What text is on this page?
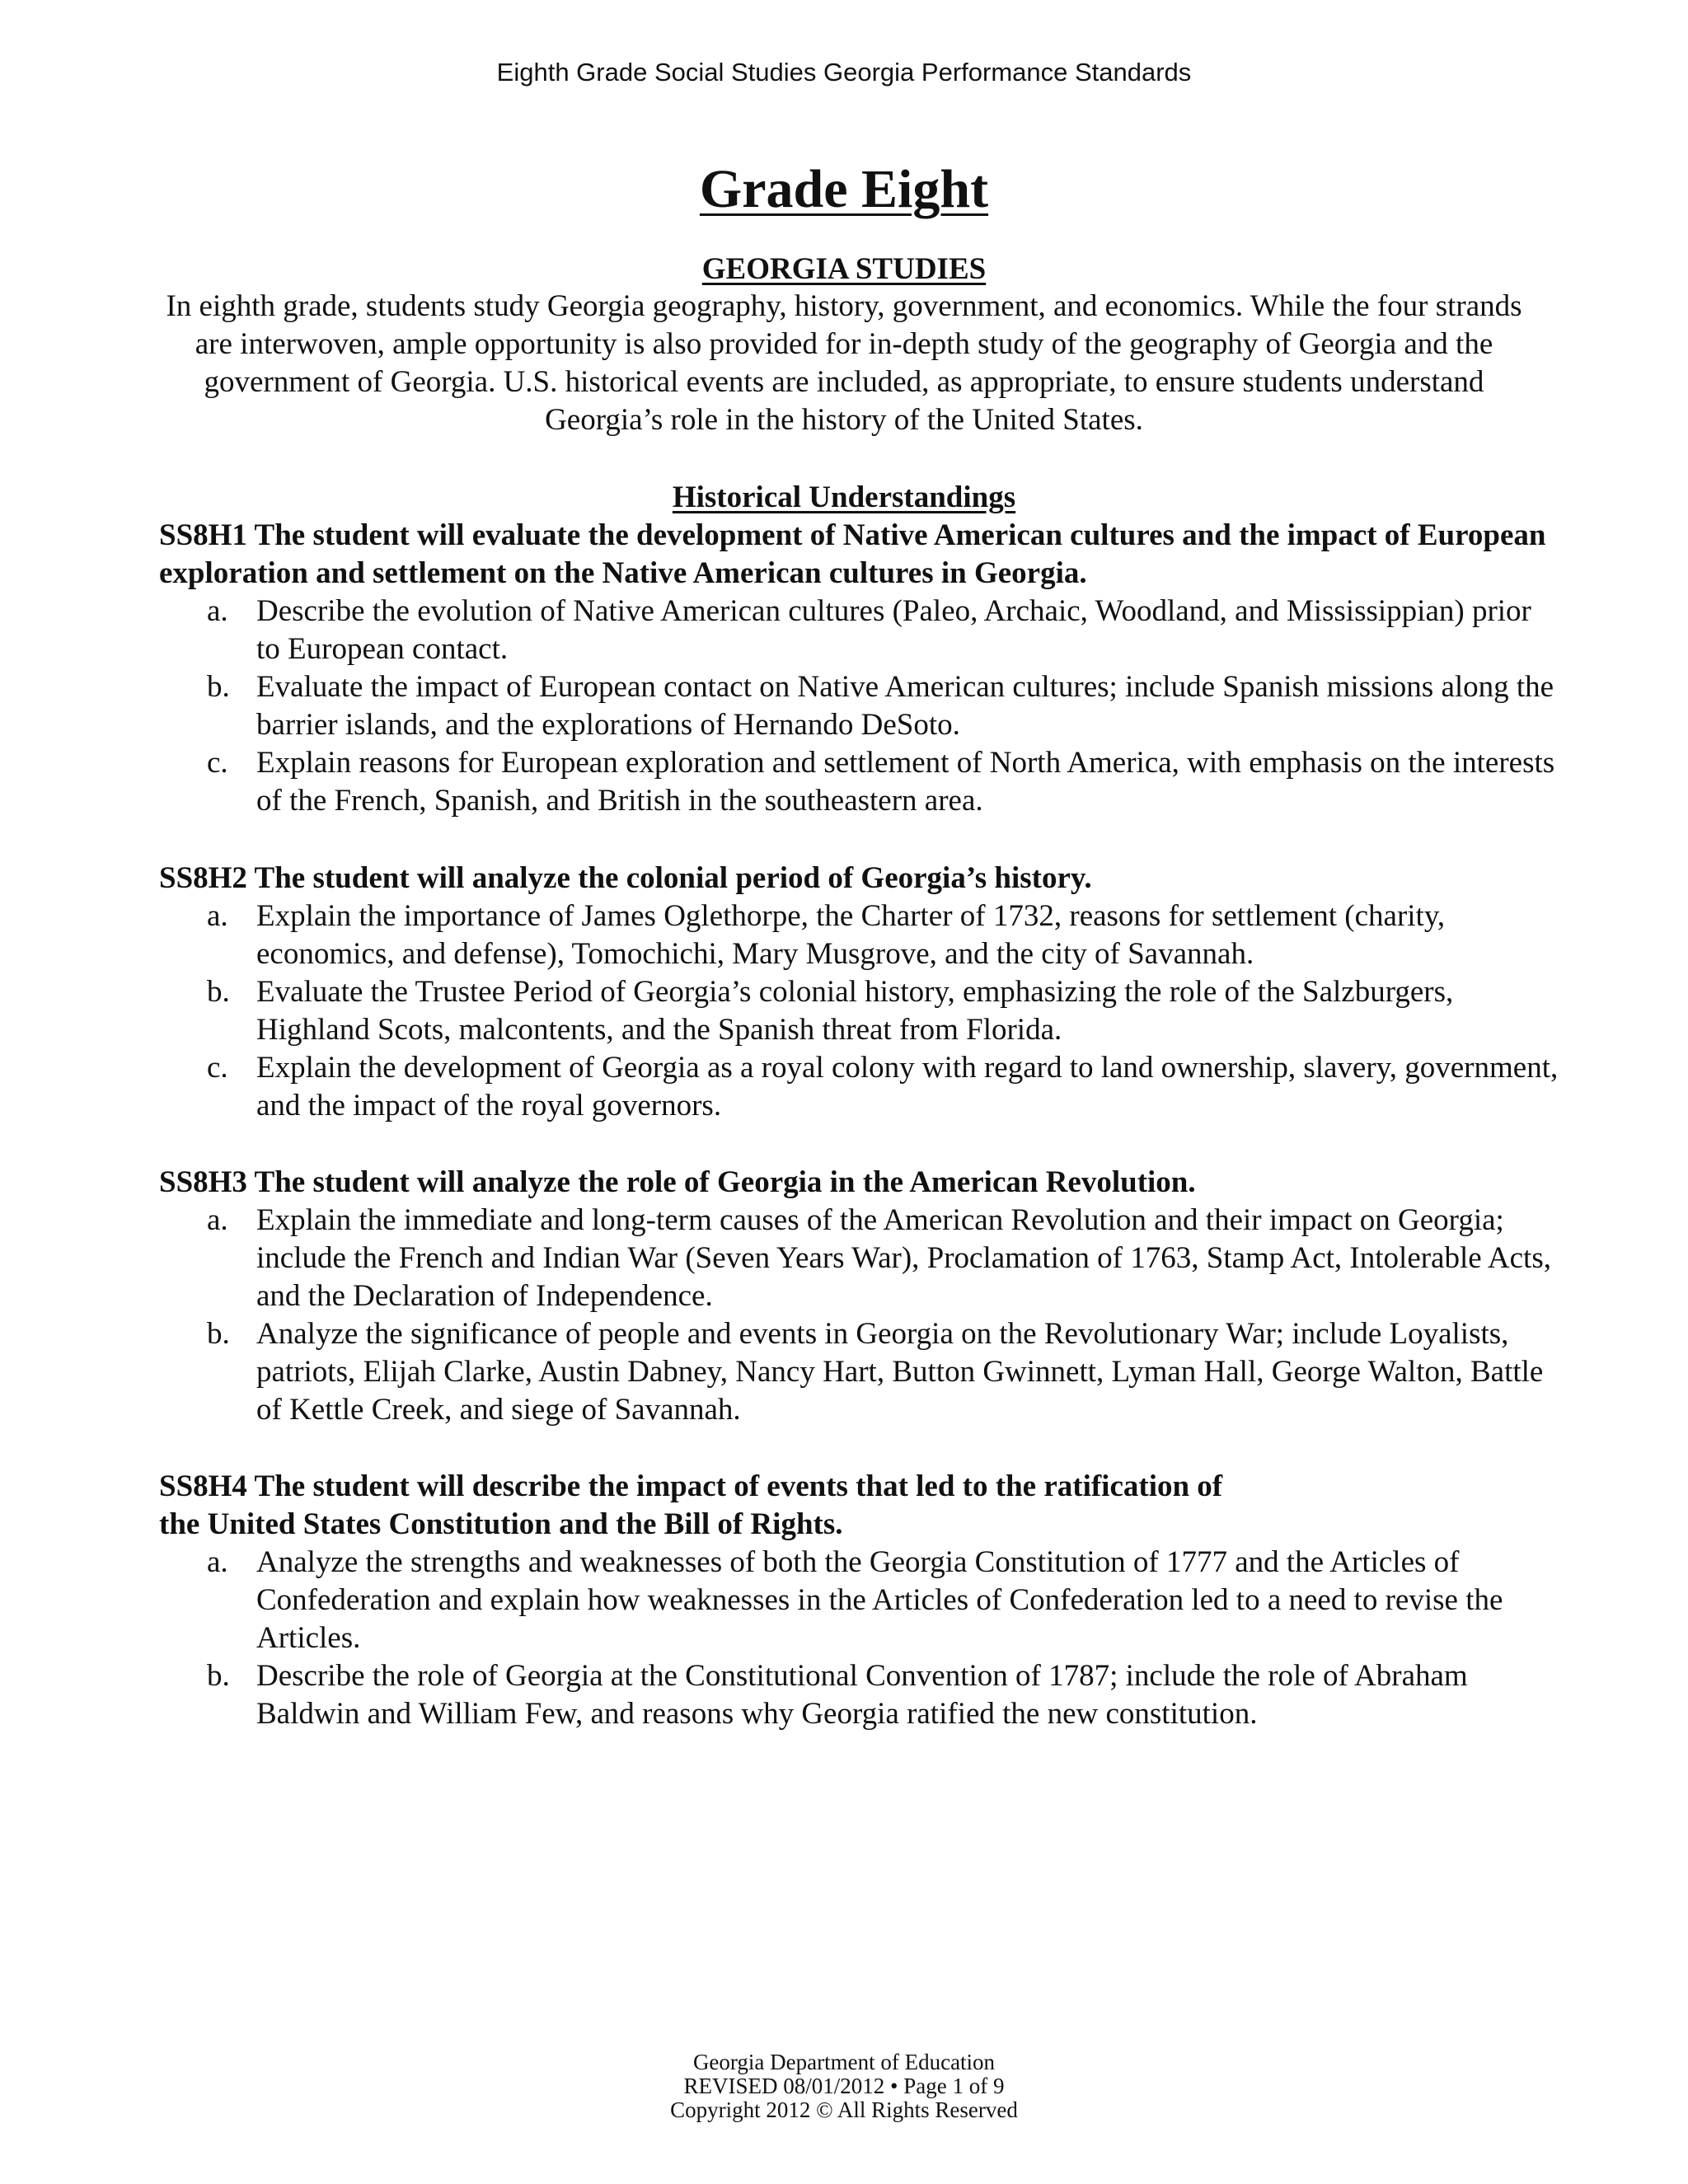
Eighth Grade Social Studies Georgia Performance Standards
Grade Eight
GEORGIA STUDIES

In eighth grade, students study Georgia geography, history, government, and economics. While the four strands are interwoven, ample opportunity is also provided for in-depth study of the geography of Georgia and the government of Georgia. U.S. historical events are included, as appropriate, to ensure students understand Georgia’s role in the history of the United States.

Historical Understandings

SS8H1 The student will evaluate the development of Native American cultures and the impact of European exploration and settlement on the Native American cultures in Georgia.

a. Describe the evolution of Native American cultures (Paleo, Archaic, Woodland, and Mississippian) prior to European contact.
b. Evaluate the impact of European contact on Native American cultures; include Spanish missions along the barrier islands, and the explorations of Hernando DeSoto.
c. Explain reasons for European exploration and settlement of North America, with emphasis on the interests of the French, Spanish, and British in the southeastern area.

SS8H2 The student will analyze the colonial period of Georgia’s history.

a. Explain the importance of James Oglethorpe, the Charter of 1732, reasons for settlement (charity, economics, and defense), Tomochichi, Mary Musgrove, and the city of Savannah.
b. Evaluate the Trustee Period of Georgia’s colonial history, emphasizing the role of the Salzburgers, Highland Scots, malcontents, and the Spanish threat from Florida.
c. Explain the development of Georgia as a royal colony with regard to land ownership, slavery, government, and the impact of the royal governors.

SS8H3 The student will analyze the role of Georgia in the American Revolution.

a. Explain the immediate and long-term causes of the American Revolution and their impact on Georgia; include the French and Indian War (Seven Years War), Proclamation of 1763, Stamp Act, Intolerable Acts, and the Declaration of Independence.
b. Analyze the significance of people and events in Georgia on the Revolutionary War; include Loyalists, patriots, Elijah Clarke, Austin Dabney, Nancy Hart, Button Gwinnett, Lyman Hall, George Walton, Battle of Kettle Creek, and siege of Savannah.

SS8H4 The student will describe the impact of events that led to the ratification of
the United States Constitution and the Bill of Rights.

a. Analyze the strengths and weaknesses of both the Georgia Constitution of 1777 and the Articles of Confederation and explain how weaknesses in the Articles of Confederation led to a need to revise the Articles.
b. Describe the role of Georgia at the Constitutional Convention of 1787; include the role of Abraham Baldwin and William Few, and reasons why Georgia ratified the new constitution.
Georgia Department of Education
REVISED 08/01/2012 • Page 1 of 9
Copyright 2012 © All Rights Reserved
